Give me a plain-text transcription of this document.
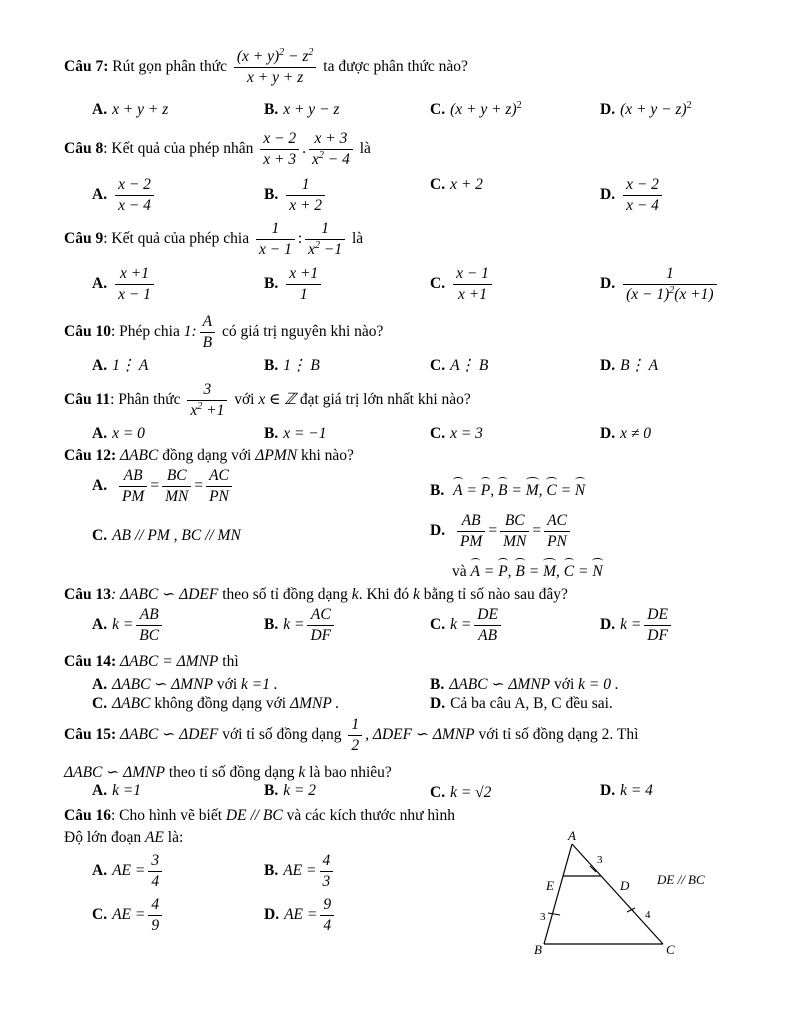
Câu 7: Rút gọn phân thức $\frac{(x + y)^2 - z^2}{x + y + z}$ ta được phân thức nào?
A. x + y + z	B. x + y − z	C. $(x + y + z)^2$	D. $(x + y - z)^2$
Câu 8: Kết quả của phép nhân $\frac{x - 2}{x + 3}$ . $\frac{x + 3}{x^2 - 4}$ là
A. $\frac{x - 2}{x - 4}$	B. $\frac{1}{x + 2}$	C. x + 2
D. $\frac{x - 2}{x - 4}$
Câu 9: Kết quả của phép chia $\frac{1}{x - 1}$ : $\frac{1}{x^2 -1}$ là
A. $\frac{x +1}{x - 1}$	B. $\frac{x +1}{1}$	C. $\frac{x - 1}{x +1}$	D. $\frac{1}{(x - 1)^2(x +1)}$
Câu 10: Phép chia 1: $\frac{A}{B}$ có giá trị nguyên khi nào?
A. 1⋮ A	B. 1⋮ B	C. A⋮ B	D. B⋮ A
Câu 11: Phân thức $\frac{3}{x^2 +1}$ với x ∈ ℤ đạt giá trị lớn nhất khi nào?
A. x = 0	B. x = −1	C. x = 3	D. x ≠ 0
Câu 12: ΔABC đồng dạng với ΔPMN khi nào?
A. $\frac{AB}{PM} = \frac{BC}{MN} = \frac{AC}{PN}$	B. A = P, B = M, C = N
C. AB // PM , BC // MN	D. $\frac{AB}{PM} = \frac{BC}{MN} = \frac{AC}{PN}$
và A = P, B = M, C = N
Câu 13: ΔABC ∽ ΔDEF theo số tỉ đồng dạng k. Khi đó k bằng tỉ số nào sau đây?
A. $k = \frac{AB}{BC}$	B. $k = \frac{AC}{DF}$	C. $k = \frac{DE}{AB}$	D. $k = \frac{DE}{DF}$
Câu 14: ΔABC = ΔMNP thì
A. ΔABC ∽ ΔMNP với k =1 .	B. ΔABC ∽ ΔMNP với k = 0 .
C. ΔABC không đồng dạng với ΔMNP .	D. Cả ba câu A, B, C đều sai.
Câu 15: ΔABC ∽ ΔDEF với tỉ số đồng dạng $\frac{1}{2}$ , ΔDEF ∽ ΔMNP với tỉ số đồng dạng 2. Thì
ΔABC ∽ ΔMNP theo tỉ số đồng dạng k là bao nhiêu?
A. k =1	B. k = 2	C. k = √2	D. k = 4
Câu 16: Cho hình vẽ biết DE // BC và các kích thước như hình
Độ lớn đoạn AE là:
A. AE = $\frac{3}{4}$	B. AE = $\frac{4}{3}$
C. AE = $\frac{4}{9}$	D. AE = $\frac{9}{4}$
A
B	C
D
E
3
3	4
DE // BC
